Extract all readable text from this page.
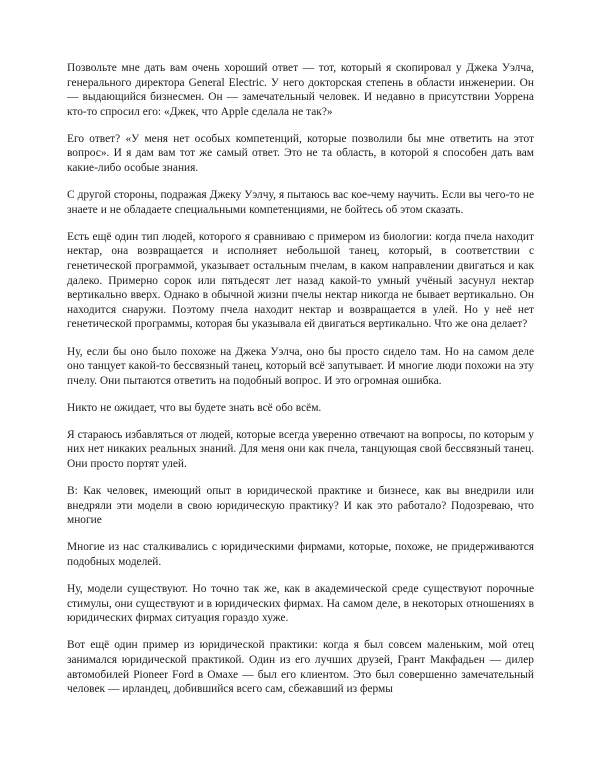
Позвольте мне дать вам очень хороший ответ — тот, который я скопировал у Джека Уэлча, генерального директора General Electric. У него докторская степень в области инженерии. Он — выдающийся бизнесмен. Он — замечательный человек. И недавно в присутствии Уоррена кто-то спросил его: «Джек, что Apple сделала не так?»

Его ответ? «У меня нет особых компетенций, которые позволили бы мне ответить на этот вопрос». И я дам вам тот же самый ответ. Это не та область, в которой я способен дать вам какие-либо особые знания.

С другой стороны, подражая Джеку Уэлчу, я пытаюсь вас кое-чему научить. Если вы чего-то не знаете и не обладаете специальными компетенциями, не бойтесь об этом сказать.

Есть ещё один тип людей, которого я сравниваю с примером из биологии: когда пчела находит нектар, она возвращается и исполняет небольшой танец, который, в соответствии с генетической программой, указывает остальным пчелам, в каком направлении двигаться и как далеко. Примерно сорок или пятьдесят лет назад какой-то умный учёный засунул нектар вертикально вверх. Однако в обычной жизни пчелы нектар никогда не бывает вертикально. Он находится снаружи. Поэтому пчела находит нектар и возвращается в улей. Но у неё нет генетической программы, которая бы указывала ей двигаться вертикально. Что же она делает?

Ну, если бы оно было похоже на Джека Уэлча, оно бы просто сидело там. Но на самом деле оно танцует какой-то бессвязный танец, который всё запутывает. И многие люди похожи на эту пчелу. Они пытаются ответить на подобный вопрос. И это огромная ошибка.

Никто не ожидает, что вы будете знать всё обо всём.

Я стараюсь избавляться от людей, которые всегда уверенно отвечают на вопросы, по которым у них нет никаких реальных знаний. Для меня они как пчела, танцующая свой бессвязный танец. Они просто портят улей.

В: Как человек, имеющий опыт в юридической практике и бизнесе, как вы внедрили или внедряли эти модели в свою юридическую практику? И как это работало? Подозреваю, что многие

Многие из нас сталкивались с юридическими фирмами, которые, похоже, не придерживаются подобных моделей.

Ну, модели существуют. Но точно так же, как в академической среде существуют порочные стимулы, они существуют и в юридических фирмах. На самом деле, в некоторых отношениях в юридических фирмах ситуация гораздо хуже.

Вот ещё один пример из юридической практики: когда я был совсем маленьким, мой отец занимался юридической практикой. Один из его лучших друзей, Грант Макфадьен — дилер автомобилей Pioneer Ford в Омахе — был его клиентом. Это был совершенно замечательный человек — ирландец, добившийся всего сам, сбежавший из фермы
